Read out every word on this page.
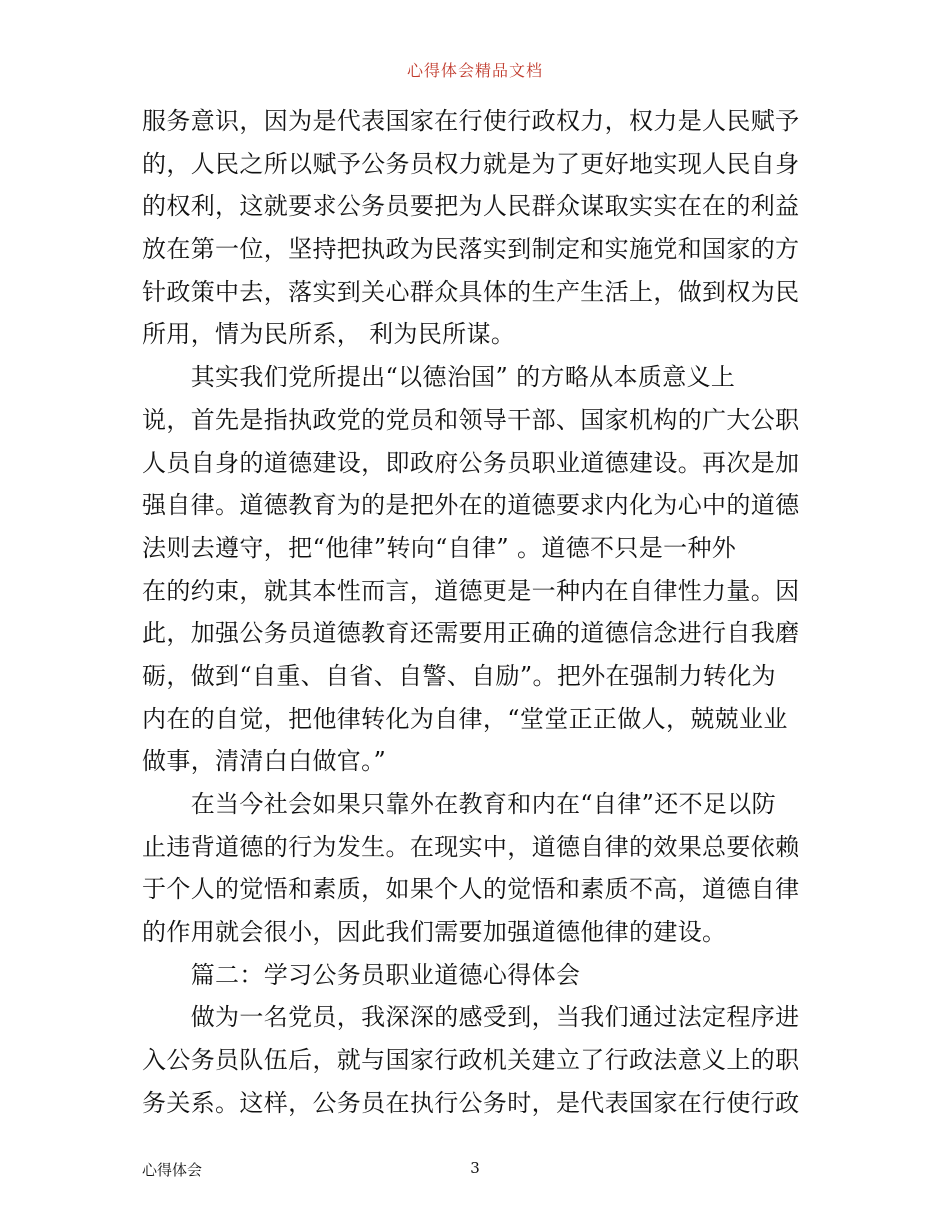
心得体会精品文档
服务意识，因为是代表国家在行使行政权力，权力是人民赋予
的，人民之所以赋予公务员权力就是为了更好地实现人民自身
的权利，这就要求公务员要把为人民群众谋取实实在在的利益
放在第一位，坚持把执政为民落实到制定和实施党和国家的方
针政策中去，落实到关心群众具体的生产生活上，做到权为民
所用，情为民所系， 利为民所谋。
　　其实我们党所提出“以德治国” 的方略从本质意义上
说，首先是指执政党的党员和领导干部、国家机构的广大公职
人员自身的道德建设，即政府公务员职业道德建设。再次是加
强自律。道德教育为的是把外在的道德要求内化为心中的道德
法则去遵守，把“他律”转向“自律” 。道德不只是一种外
在的约束，就其本性而言，道德更是一种内在自律性力量。因
此，加强公务员道德教育还需要用正确的道德信念进行自我磨
砺，做到“自重、自省、自警、自励”。把外在强制力转化为
内在的自觉，把他律转化为自律，“堂堂正正做人，兢兢业业
做事，清清白白做官。”
　　在当今社会如果只靠外在教育和内在“自律”还不足以防
止违背道德的行为发生。在现实中，道德自律的效果总要依赖
于个人的觉悟和素质，如果个人的觉悟和素质不高，道德自律
的作用就会很小，因此我们需要加强道德他律的建设。
　　篇二：学习公务员职业道德心得体会
　　做为一名党员，我深深的感受到，当我们通过法定程序进
入公务员队伍后，就与国家行政机关建立了行政法意义上的职
务关系。这样，公务员在执行公务时，是代表国家在行使行政
心得体会	3
